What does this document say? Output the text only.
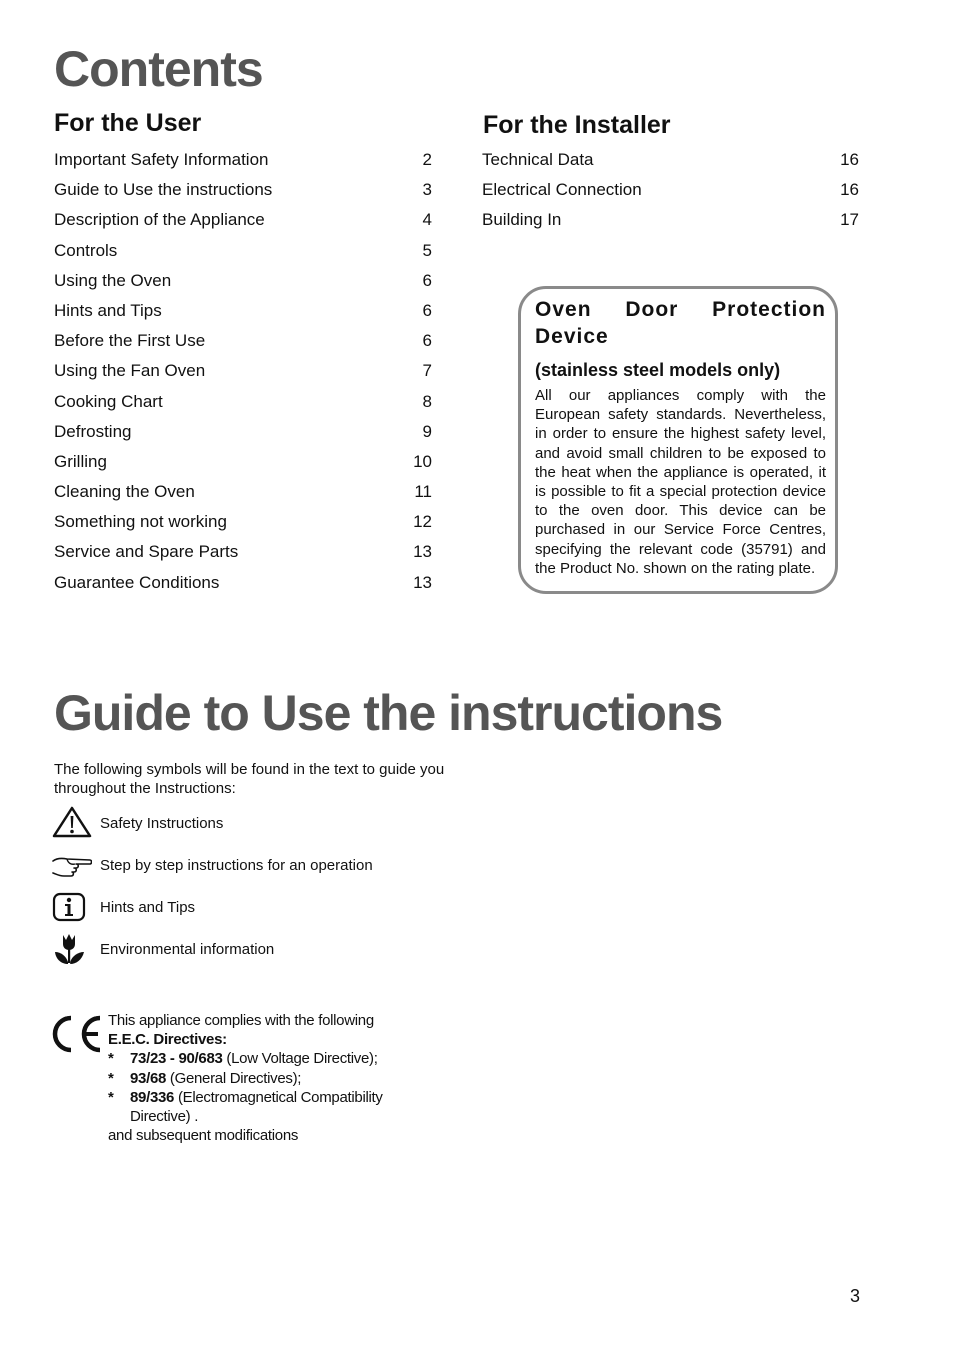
Contents
For the User	For the Installer
Important Safety Information	2
Guide to Use the instructions	3
Description of the Appliance	4
Controls	5
Using the Oven	6
Hints and Tips	6
Before the First Use	6
Using the Fan Oven	7
Cooking Chart	8
Defrosting	9
Grilling	10
Cleaning the Oven	11
Something not working	12
Service and Spare Parts	13
Guarantee Conditions	13
Technical Data	16
Electrical Connection	16
Building In	17
Oven Door Protection Device
(stainless steel models only)
All our appliances comply with the European safety standards. Nevertheless, in order to ensure the highest safety level, and avoid small children to be exposed to the heat when the appliance is operated, it is possible to fit a special protection device to the oven door. This device can be purchased in our Service Force Centres, specifying the relevant code (35791) and the Product No. shown on the rating plate.
Guide to Use the instructions
The following symbols will be found in the text to guide you throughout the Instructions:
Safety Instructions
Step by step instructions for an operation
Hints and Tips
Environmental information
This appliance complies with the following
E.E.C. Directives:
* 73/23 - 90/683 (Low Voltage Directive);
* 93/68 (General Directives);
* 89/336 (Electromagnetical Compatibility Directive) .
and subsequent modifications
3
